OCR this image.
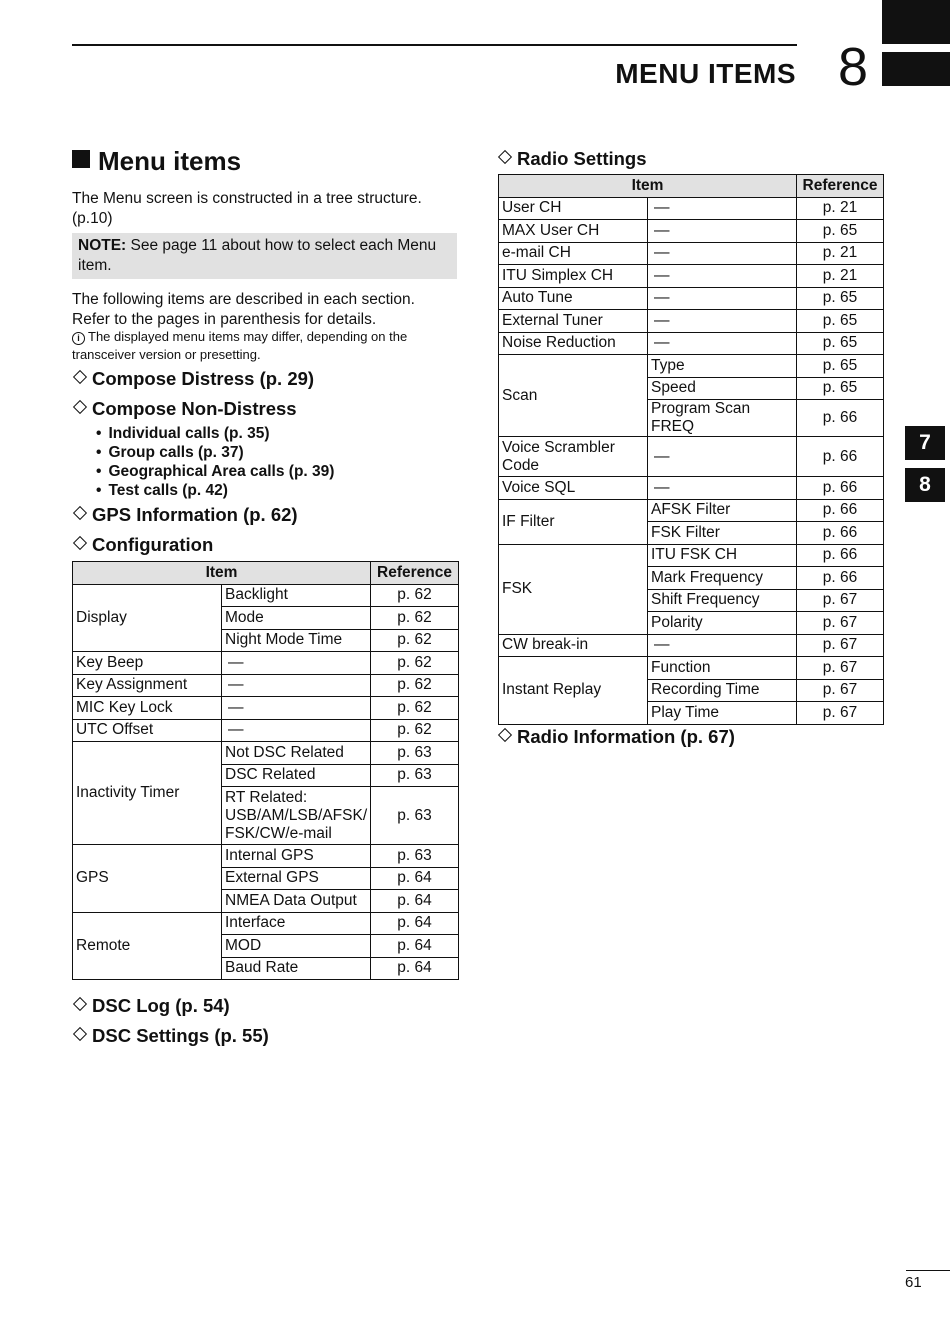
MENU ITEMS 8
7
8
Menu items
The Menu screen is constructed in a tree structure. (p.10)
NOTE: See page 11 about how to select each Menu item.
The following items are described in each section. Refer to the pages in parenthesis for details.
i The displayed menu items may differ, depending on the transceiver version or presetting.
Compose Distress (p. 29)
Compose Non-Distress
• Individual calls (p. 35)
• Group calls (p. 37)
• Geographical Area calls (p. 39)
• Test calls (p. 42)
GPS Information (p. 62)
Configuration
Item		Reference
Display	Backlight	p. 62
	Mode	p. 62
	Night Mode Time	p. 62
Key Beep	—	p. 62
Key Assignment	—	p. 62
MIC Key Lock	—	p. 62
UTC Offset	—	p. 62
Inactivity Timer	Not DSC Related	p. 63
	DSC Related	p. 63
	RT Related: USB/AM/LSB/AFSK/ FSK/CW/e-mail	p. 63
GPS	Internal GPS	p. 63
	External GPS	p. 64
	NMEA Data Output	p. 64
Remote	Interface	p. 64
	MOD	p. 64
	Baud Rate	p. 64
DSC Log (p. 54)
DSC Settings (p. 55)
Radio Settings
Item		Reference
User CH	—	p. 21
MAX User CH	—	p. 65
e-mail CH	—	p. 21
ITU Simplex CH	—	p. 21
Auto Tune	—	p. 65
External Tuner	—	p. 65
Noise Reduction	—	p. 65
Scan	Type	p. 65
	Speed	p. 65
	Program Scan FREQ	p. 66
Voice Scrambler Code	—	p. 66
Voice SQL	—	p. 66
IF Filter	AFSK Filter	p. 66
	FSK Filter	p. 66
FSK	ITU FSK CH	p. 66
	Mark Frequency	p. 66
	Shift Frequency	p. 67
	Polarity	p. 67
CW break-in	—	p. 67
Instant Replay	Function	p. 67
	Recording Time	p. 67
	Play Time	p. 67
Radio Information (p. 67)
61
